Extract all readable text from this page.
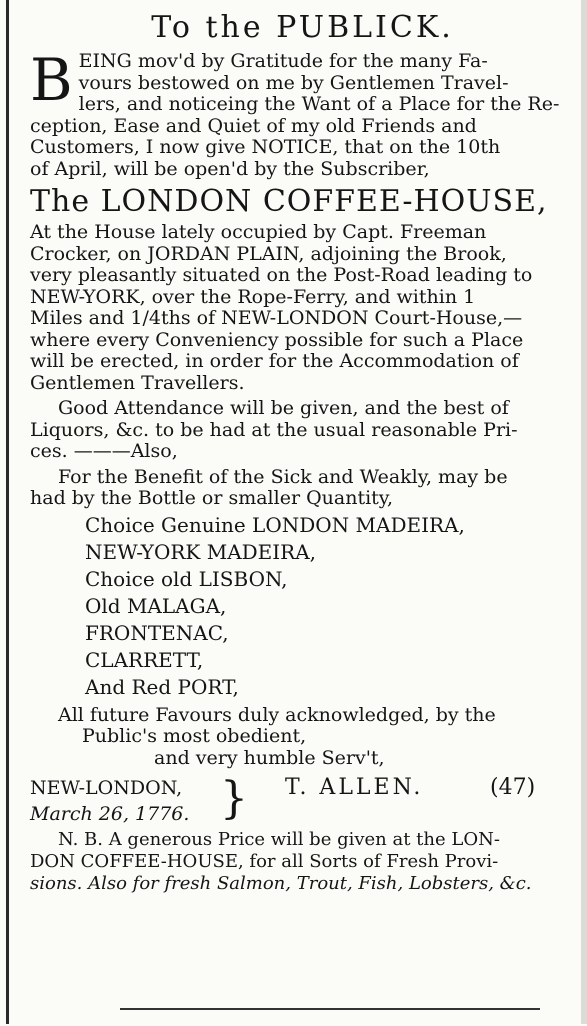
To the PUBLICK.
B EING mov'd by Gratitude for the many Fa-
vours bestowed on me by Gentlemen Travel-
lers, and noticeing the Want of a Place for the Re-
ception, Ease and Quiet of my old Friends and
Customers, I now give NOTICE, that on the 10th
of April, will be open'd by the Subscriber,
The LONDON COFFEE-HOUSE,
At the House lately occupied by Capt. Freeman
Crocker, on JORDAN PLAIN, adjoining the Brook,
very pleasantly situated on the Post-Road leading to
NEW-YORK, over the Rope-Ferry, and within 1
Miles and 1/4ths of NEW-LONDON Court-House,—
where every Conveniency possible for such a Place
will be erected, in order for the Accommodation of
Gentlemen Travellers.
Good Attendance will be given, and the best of
Liquors, &c. to be had at the usual reasonable Pri-
ces. ———Also,
For the Benefit of the Sick and Weakly, may be
had by the Bottle or smaller Quantity,
Choice Genuine LONDON MADEIRA,
NEW-YORK MADEIRA,
Choice old LISBON,
Old MALAGA,
FRONTENAC,
CLARRETT,
And Red PORT,
All future Favours duly acknowledged, by the
Public's most obedient,
and very humble Serv't,
NEW-LONDON,
March 26, 1776. } T. ALLEN.	(47)
N. B. A generous Price will be given at the LON-
DON COFFEE-HOUSE, for all Sorts of Fresh Provi-
sions. Also for fresh Salmon, Trout, Fish, Lobsters, &c.
